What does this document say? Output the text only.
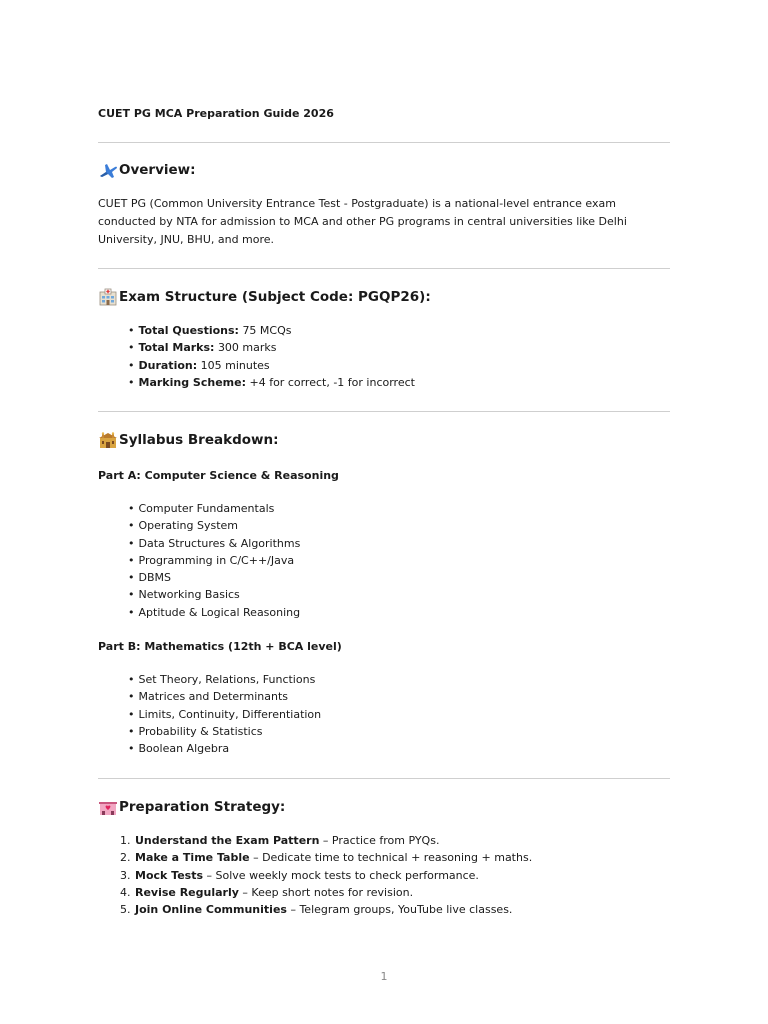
CUET PG MCA Preparation Guide 2026
Overview:
CUET PG (Common University Entrance Test - Postgraduate) is a national-level entrance exam conducted by NTA for admission to MCA and other PG programs in central universities like Delhi University, JNU, BHU, and more.
Exam Structure (Subject Code: PGQP26):
• Total Questions: 75 MCQs
• Total Marks: 300 marks
• Duration: 105 minutes
• Marking Scheme: +4 for correct, -1 for incorrect
Syllabus Breakdown:
Part A: Computer Science & Reasoning
• Computer Fundamentals
• Operating System
• Data Structures & Algorithms
• Programming in C/C++/Java
• DBMS
• Networking Basics
• Aptitude & Logical Reasoning
Part B: Mathematics (12th + BCA level)
• Set Theory, Relations, Functions
• Matrices and Determinants
• Limits, Continuity, Differentiation
• Probability & Statistics
• Boolean Algebra
Preparation Strategy:
1. Understand the Exam Pattern – Practice from PYQs.
2. Make a Time Table – Dedicate time to technical + reasoning + maths.
3. Mock Tests – Solve weekly mock tests to check performance.
4. Revise Regularly – Keep short notes for revision.
5. Join Online Communities – Telegram groups, YouTube live classes.
1
